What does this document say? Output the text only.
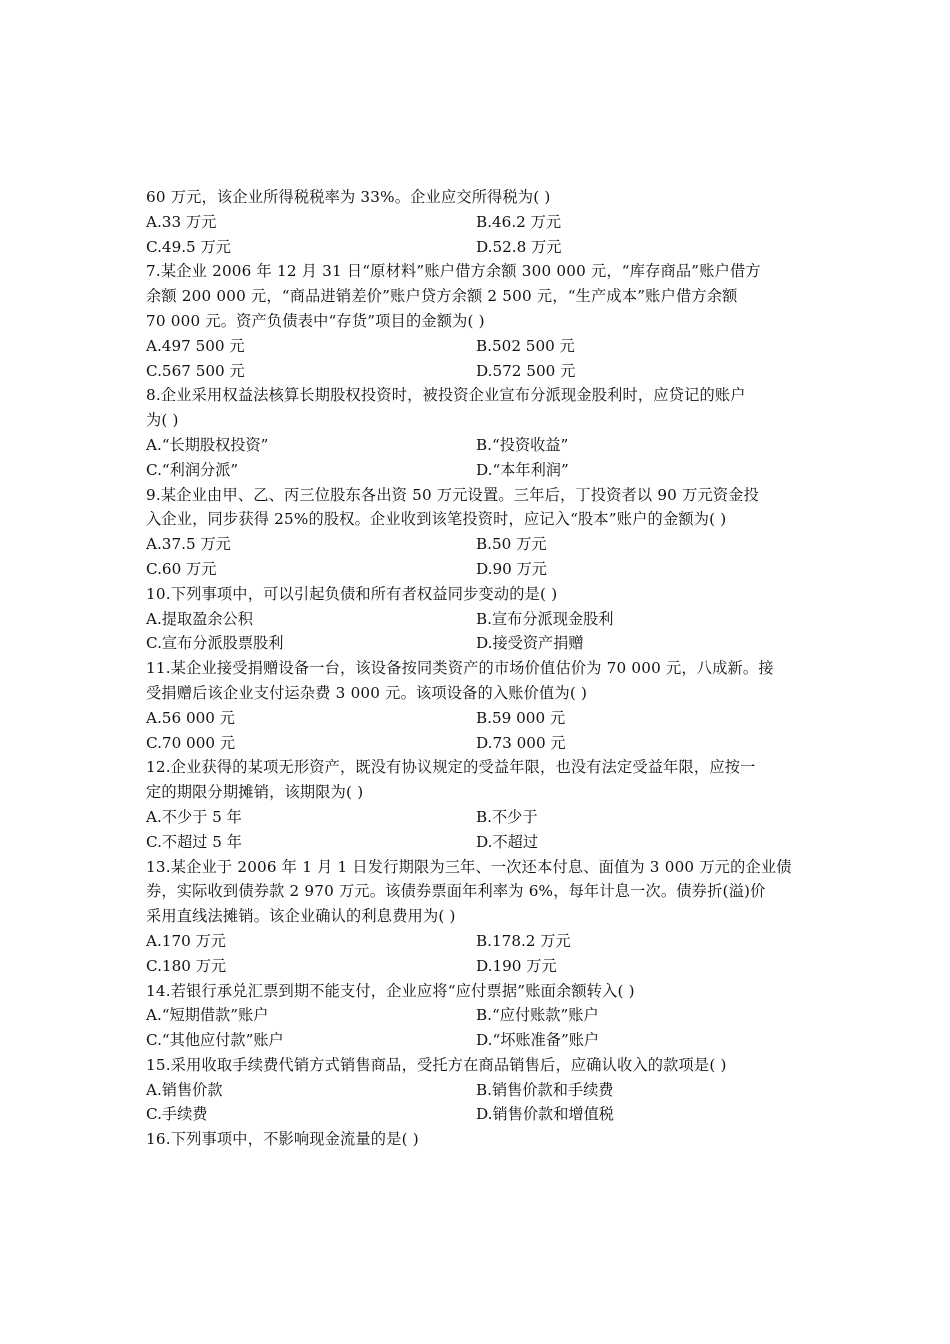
60 万元，该企业所得税税率为 33%。企业应交所得税为( )
A.33 万元	B.46.2 万元
C.49.5 万元	D.52.8 万元
7.某企业 2006 年 12 月 31 日“原材料”账户借方余额 300 000 元，“库存商品”账户借方
余额 200 000 元，“商品进销差价”账户贷方余额 2 500 元，“生产成本”账户借方余额
70 000 元。资产负债表中“存货”项目的金额为( )
A.497 500 元	B.502 500 元
C.567 500 元	D.572 500 元
8.企业采用权益法核算长期股权投资时，被投资企业宣布分派现金股利时，应贷记的账户
为( )
A.“长期股权投资”	B.“投资收益”
C.“利润分派”	D.“本年利润”
9.某企业由甲、乙、丙三位股东各出资 50 万元设置。三年后，丁投资者以 90 万元资金投
入企业，同步获得 25%的股权。企业收到该笔投资时，应记入“股本”账户的金额为( )
A.37.5 万元	B.50 万元
C.60 万元	D.90 万元
10.下列事项中，可以引起负债和所有者权益同步变动的是( )
A.提取盈余公积	B.宣布分派现金股利
C.宣布分派股票股利	D.接受资产捐赠
11.某企业接受捐赠设备一台，该设备按同类资产的市场价值估价为 70 000 元，八成新。接
受捐赠后该企业支付运杂费 3 000 元。该项设备的入账价值为( )
A.56 000 元	B.59 000 元
C.70 000 元	D.73 000 元
12.企业获得的某项无形资产，既没有协议规定的受益年限，也没有法定受益年限，应按一
定的期限分期摊销，该期限为( )
A.不少于 5 年	B.不少于
C.不超过 5 年	D.不超过
13.某企业于 2006 年 1 月 1 日发行期限为三年、一次还本付息、面值为 3 000 万元的企业债
券，实际收到债券款 2 970 万元。该债券票面年利率为 6%，每年计息一次。债券折(溢)价
采用直线法摊销。该企业确认的利息费用为( )
A.170 万元	B.178.2 万元
C.180 万元	D.190 万元
14.若银行承兑汇票到期不能支付，企业应将“应付票据”账面余额转入( )
A.“短期借款”账户	B.“应付账款”账户
C.“其他应付款”账户	D.“坏账准备”账户
15.采用收取手续费代销方式销售商品，受托方在商品销售后，应确认收入的款项是( )
A.销售价款	B.销售价款和手续费
C.手续费	D.销售价款和增值税
16.下列事项中，不影响现金流量的是( )
